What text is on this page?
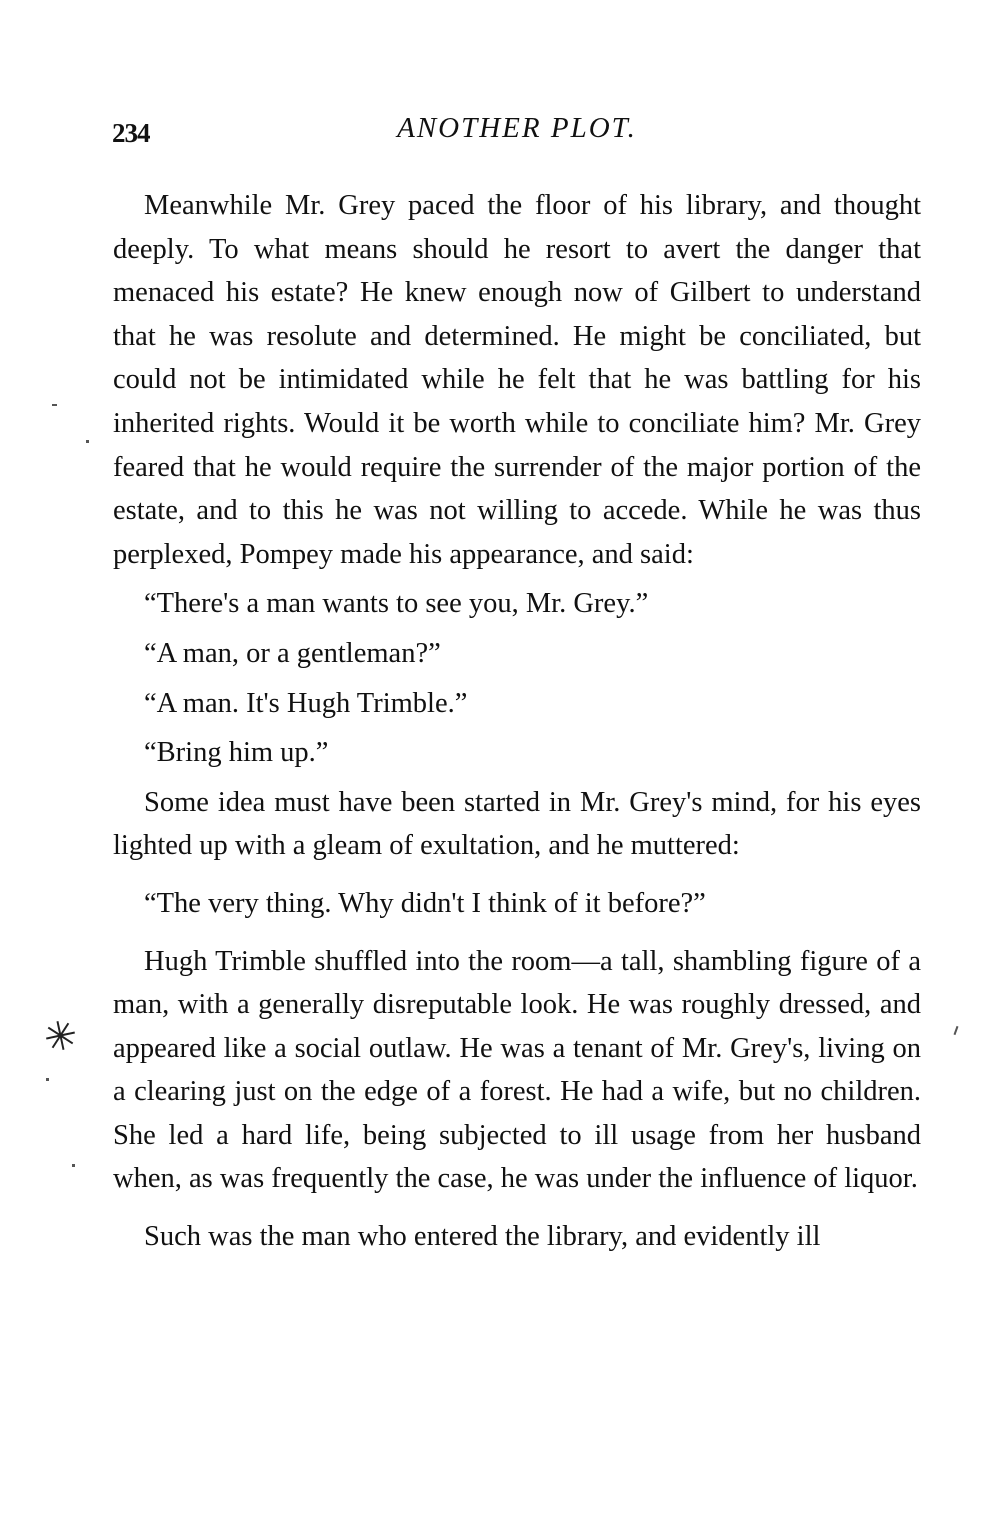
234	ANOTHER PLOT.

Meanwhile Mr. Grey paced the floor of his library, and thought deeply. To what means should he resort to avert the danger that menaced his estate? He knew enough now of Gilbert to understand that he was resolute and determined. He might be conciliated, but could not be intimidated while he felt that he was battling for his inherited rights. Would it be worth while to conciliate him? Mr. Grey feared that he would require the surrender of the major portion of the estate, and to this he was not willing to accede. While he was thus perplexed, Pompey made his appearance, and said:

“There's a man wants to see you, Mr. Grey.”

“A man, or a gentleman?”

“A man. It's Hugh Trimble.”

“Bring him up.”

Some idea must have been started in Mr. Grey's mind, for his eyes lighted up with a gleam of exultation, and he muttered:

“The very thing. Why didn't I think of it before?”

Hugh Trimble shuffled into the room—a tall, shambling figure of a man, with a generally disreputable look. He was roughly dressed, and appeared like a social outlaw. He was a tenant of Mr. Grey's, living on a clearing just on the edge of a forest. He had a wife, but no children. She led a hard life, being subjected to ill usage from her husband when, as was frequently the case, he was under the influence of liquor.

Such was the man who entered the library, and evidently ill

✳
